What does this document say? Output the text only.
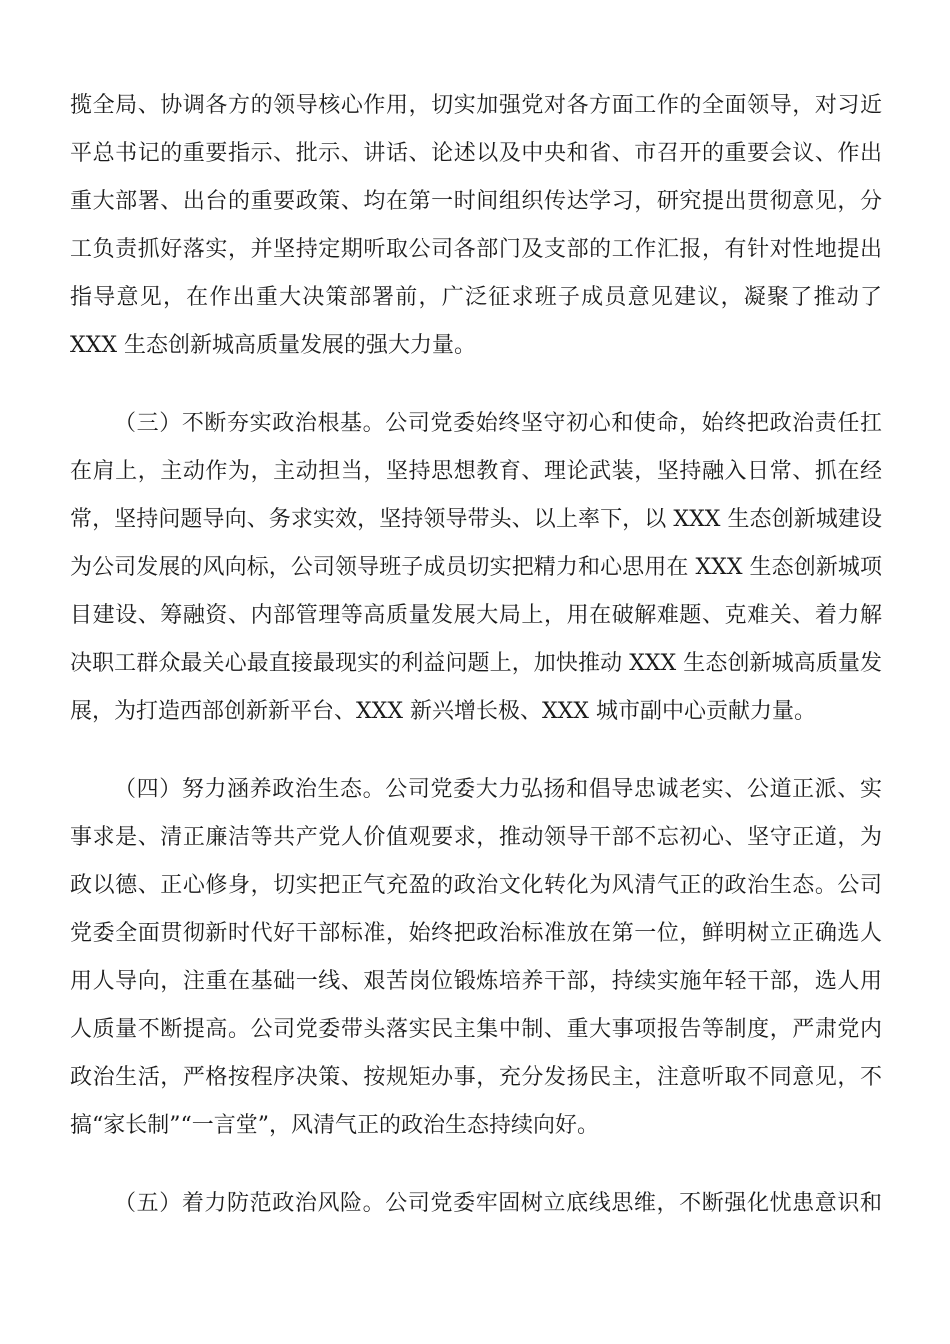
揽全局、协调各方的领导核心作用，切实加强党对各方面工作的全面领导，对习近
平总书记的重要指示、批示、讲话、论述以及中央和省、市召开的重要会议、作出
重大部署、出台的重要政策、均在第一时间组织传达学习，研究提出贯彻意见，分
工负责抓好落实，并坚持定期听取公司各部门及支部的工作汇报，有针对性地提出
指导意见，在作出重大决策部署前，广泛征求班子成员意见建议，凝聚了推动了
XXX 生态创新城高质量发展的强大力量。
（三）不断夯实政治根基。公司党委始终坚守初心和使命，始终把政治责任扛
在肩上，主动作为，主动担当，坚持思想教育、理论武装，坚持融入日常、抓在经
常，坚持问题导向、务求实效，坚持领导带头、以上率下，以 XXX 生态创新城建设
为公司发展的风向标，公司领导班子成员切实把精力和心思用在 XXX 生态创新城项
目建设、筹融资、内部管理等高质量发展大局上，用在破解难题、克难关、着力解
决职工群众最关心最直接最现实的利益问题上，加快推动 XXX 生态创新城高质量发
展，为打造西部创新新平台、XXX 新兴增长极、XXX 城市副中心贡献力量。
（四）努力涵养政治生态。公司党委大力弘扬和倡导忠诚老实、公道正派、实
事求是、清正廉洁等共产党人价值观要求，推动领导干部不忘初心、坚守正道，为
政以德、正心修身，切实把正气充盈的政治文化转化为风清气正的政治生态。公司
党委全面贯彻新时代好干部标准，始终把政治标准放在第一位，鲜明树立正确选人
用人导向，注重在基础一线、艰苦岗位锻炼培养干部，持续实施年轻干部，选人用
人质量不断提高。公司党委带头落实民主集中制、重大事项报告等制度，严肃党内
政治生活，严格按程序决策、按规矩办事，充分发扬民主，注意听取不同意见，不
搞“家长制”“一言堂”，风清气正的政治生态持续向好。
（五）着力防范政治风险。公司党委牢固树立底线思维，不断强化忧患意识和
